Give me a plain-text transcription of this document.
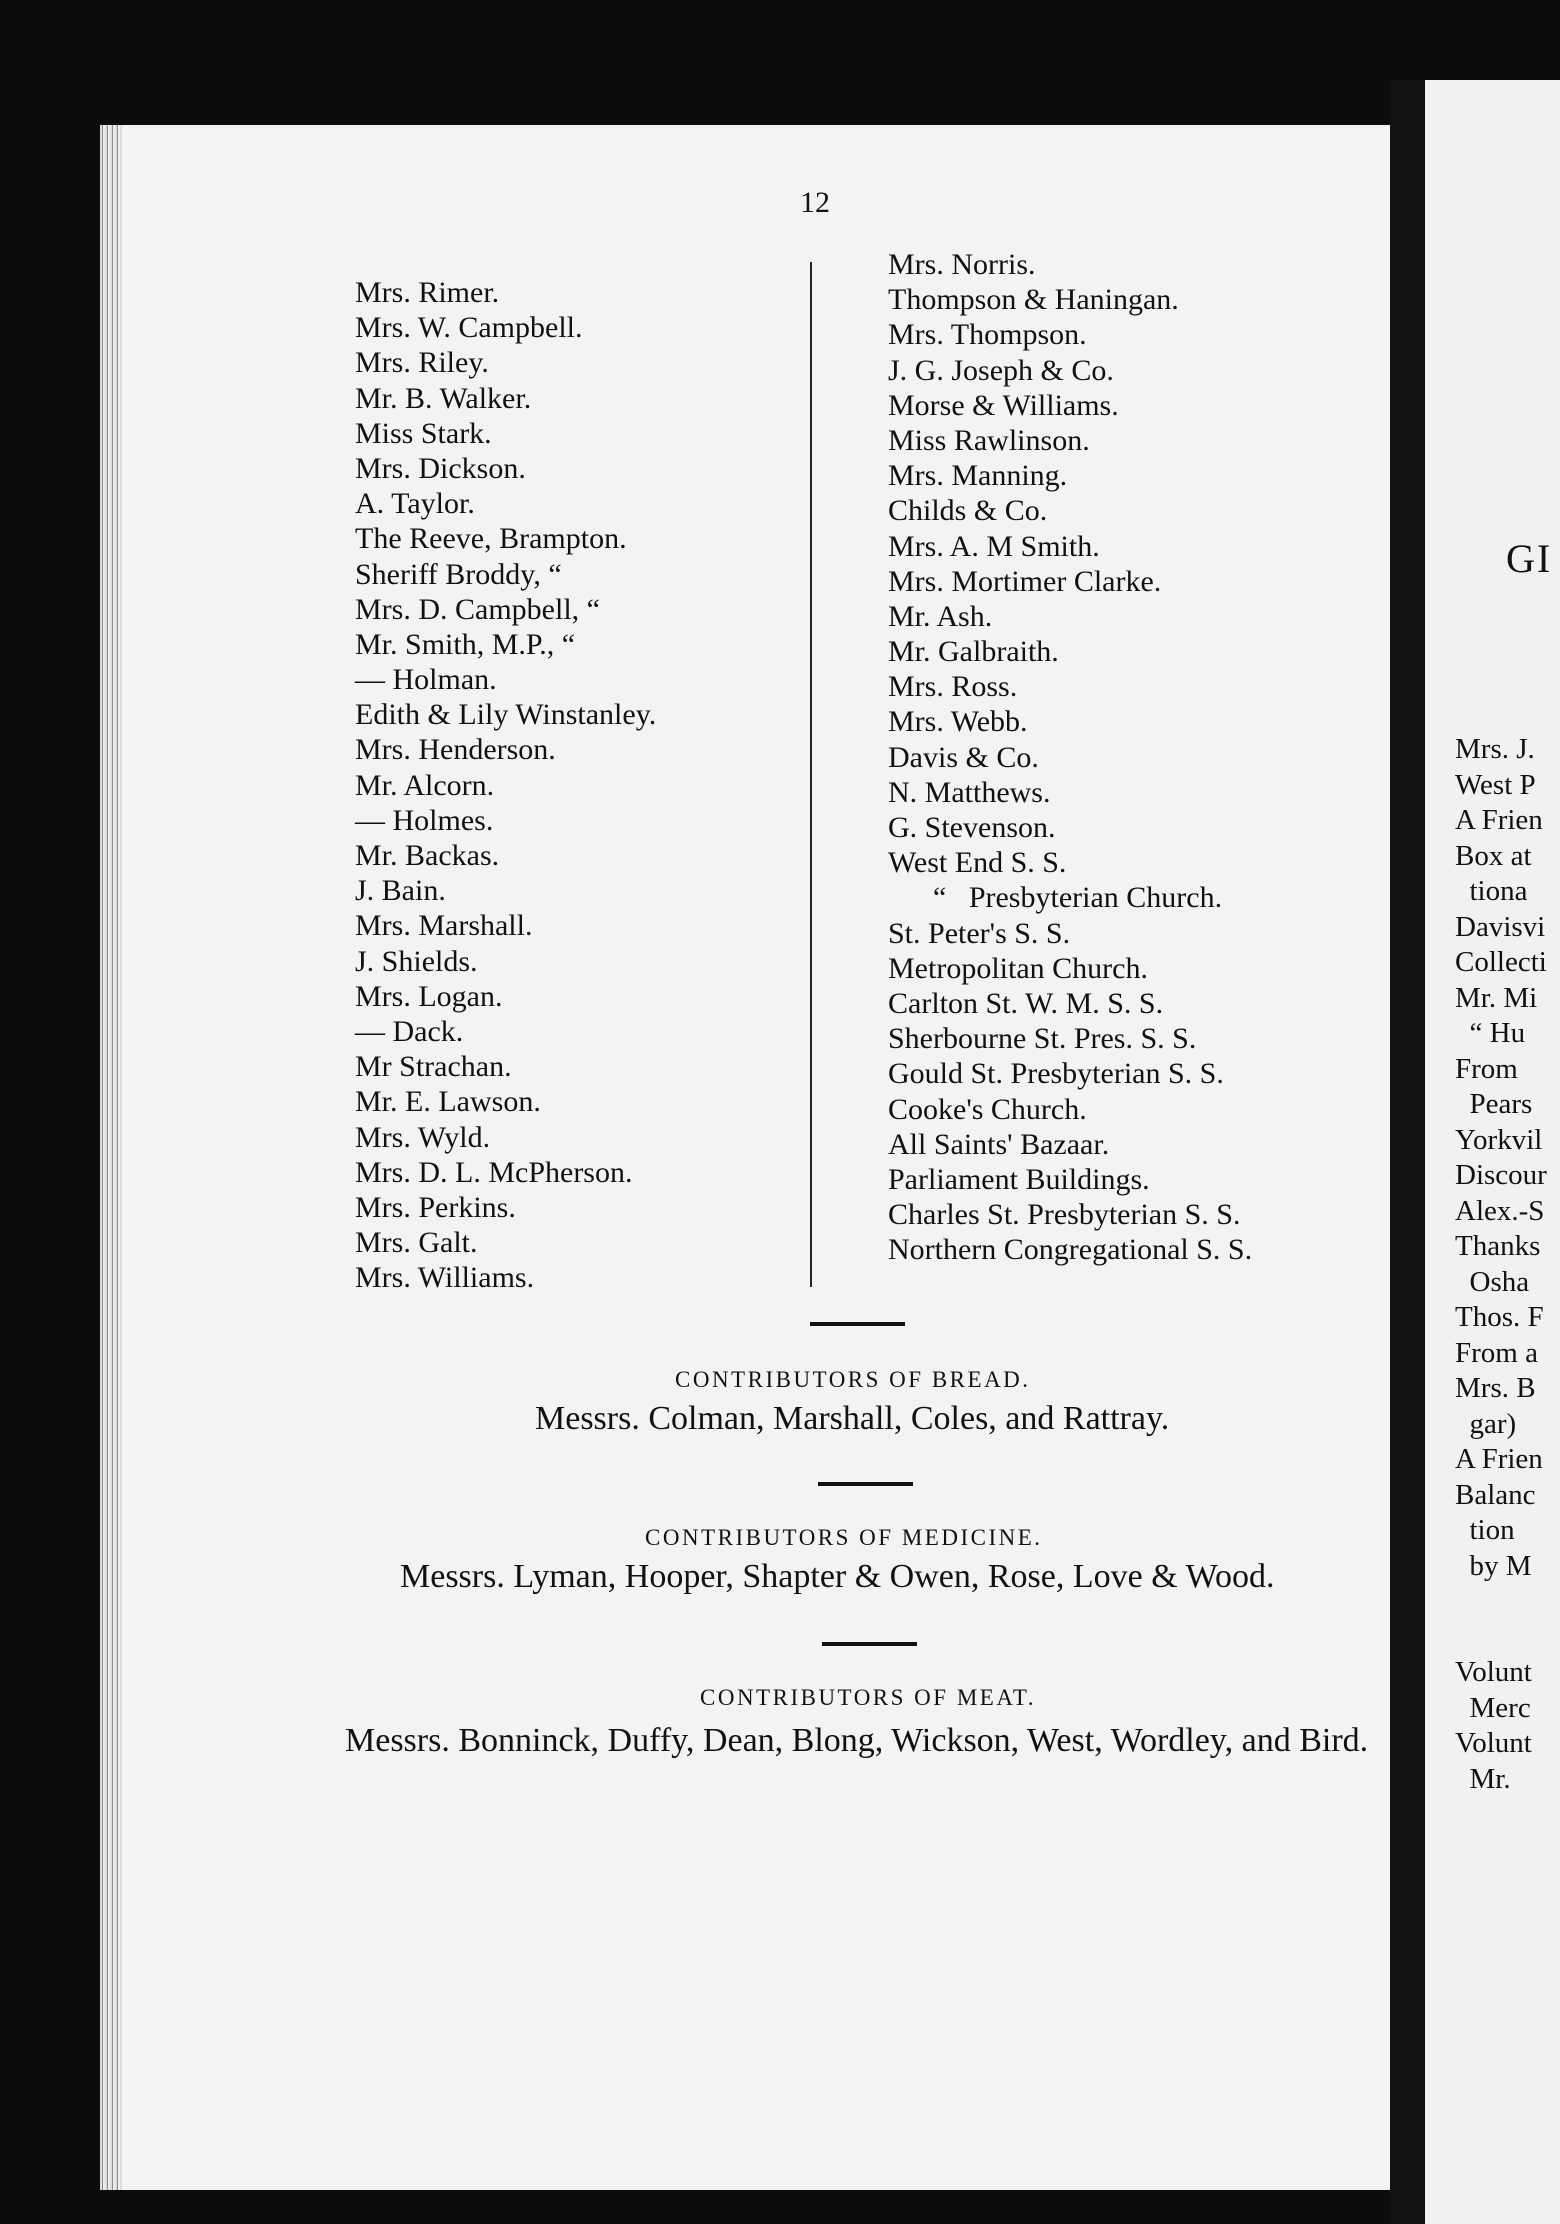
12
Mrs. Rimer.
Mrs. W. Campbell.
Mrs. Riley.
Mr. B. Walker.
Miss Stark.
Mrs. Dickson.
A. Taylor.
The Reeve, Brampton.
Sheriff Broddy, “
Mrs. D. Campbell, “
Mr. Smith, M.P., “
— Holman.
Edith & Lily Winstanley.
Mrs. Henderson.
Mr. Alcorn.
— Holmes.
Mr. Backas.
J. Bain.
Mrs. Marshall.
J. Shields.
Mrs. Logan.
— Dack.
Mr Strachan.
Mr. E. Lawson.
Mrs. Wyld.
Mrs. D. L. McPherson.
Mrs. Perkins.
Mrs. Galt.
Mrs. Williams.
Mrs. Norris.
Thompson & Haningan.
Mrs. Thompson.
J. G. Joseph & Co.
Morse & Williams.
Miss Rawlinson.
Mrs. Manning.
Childs & Co.
Mrs. A. M Smith.
Mrs. Mortimer Clarke.
Mr. Ash.
Mr. Galbraith.
Mrs. Ross.
Mrs. Webb.
Davis & Co.
N. Matthews.
G. Stevenson.
West End S. S.
“   Presbyterian Church.
St. Peter's S. S.
Metropolitan Church.
Carlton St. W. M. S. S.
Sherbourne St. Pres. S. S.
Gould St. Presbyterian S. S.
Cooke's Church.
All Saints' Bazaar.
Parliament Buildings.
Charles St. Presbyterian S. S.
Northern Congregational S. S.
CONTRIBUTORS OF BREAD.
Messrs. Colman, Marshall, Coles, and Rattray.
CONTRIBUTORS OF MEDICINE.
Messrs. Lyman, Hooper, Shapter & Owen, Rose, Love & Wood.
CONTRIBUTORS OF MEAT.
Messrs. Bonninck, Duffy, Dean, Blong, Wickson, West, Wordley, and Bird.
GI
Mrs. J.
West P
A Frien
Box at
tiona
Davisvi
Collecti
Mr. Mi
“ Hu
From
Pears
Yorkvil
Discour
Alex.-S
Thanks
Osha
Thos. F
From a
Mrs. B
gar)
A Frien
Balanc
tion
by M
Volunt
Merc
Volunt
Mr.
